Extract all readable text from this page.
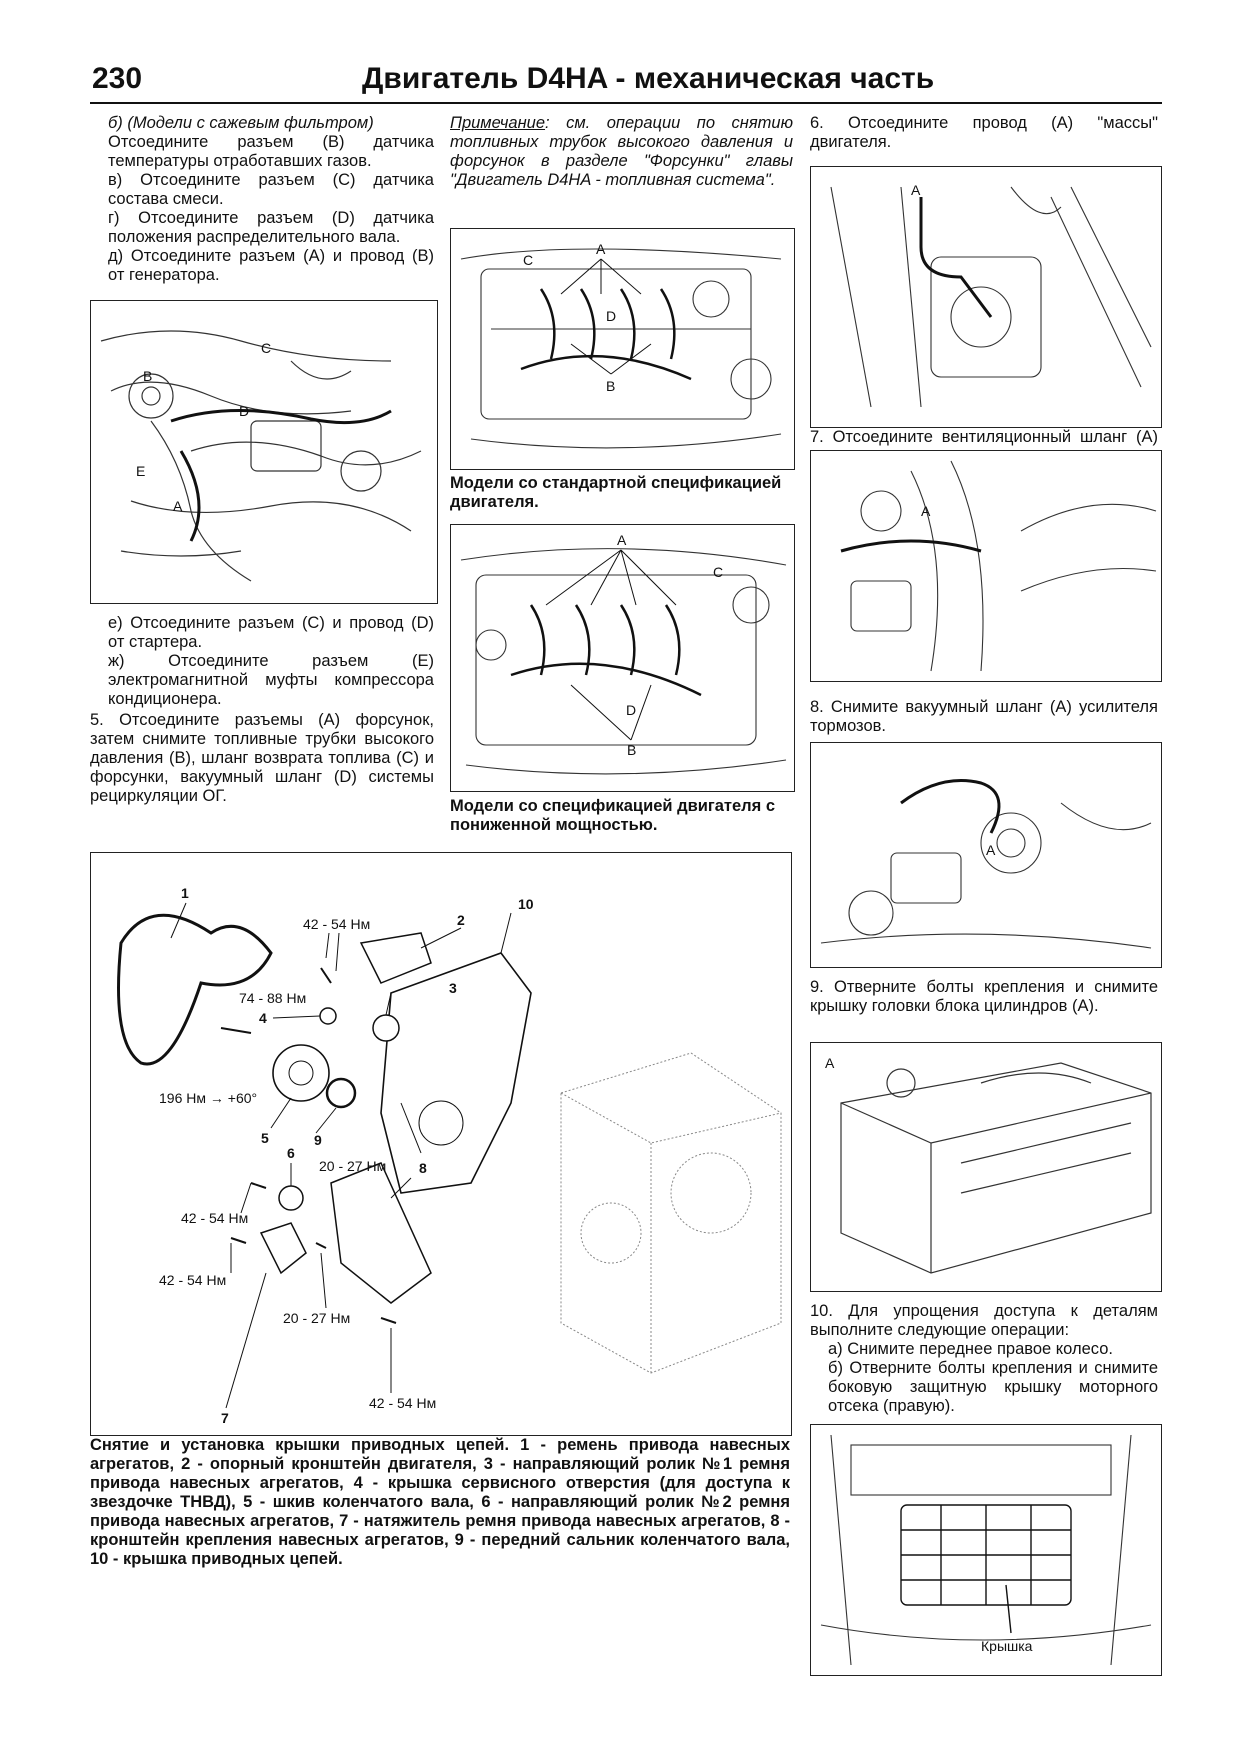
230	Двигатель D4HA - механическая часть

б) (Модели с сажевым фильтром)

Отсоедините разъем (B) датчика температуры отработавших газов.

в) Отсоедините разъем (C) датчика состава смеси.

г) Отсоедините разъем (D) датчика положения распределительного вала.

д) Отсоедините разъем (А) и провод (B) от генератора.

C
B
D
E
A

е) Отсоедините разъем (C) и провод (D) от стартера.

ж) Отсоедините разъем (E) электромагнитной муфты компрессора кондиционера.

5. Отсоедините разъемы (А) форсунок, затем снимите топливные трубки высокого давления (B), шланг возврата топлива (C) и форсунки, вакуумный шланг (D) системы рециркуляции ОГ.

Примечание: см. операции по снятию топливных трубок высокого давления и форсунок в разделе "Форсунки" главы "Двигатель D4HA - топливная система".
C
A
D
B
Модели со стандартной спецификацией двигателя.
A
C
D
B
Модели со спецификацией двигателя с пониженной мощностью.
6. Отсоедините провод (А) "массы" двигателя.
A
7. Отсоедините вентиляционный шланг (А)
A
8. Снимите вакуумный шланг (А) усилителя тормозов.
A
9. Отверните болты крепления и снимите крышку головки блока цилиндров (А).
A

10. Для упрощения доступа к деталям выполните следующие операции:

а) Снимите переднее правое колесо.

б) Отверните болты крепления и снимите боковую защитную крышку моторного отсека (правую).

Крышка
1
2
3
4
5
6
7
8
9
10
42 - 54 Нм
74 - 88 Нм
196 Нм → +60°
20 - 27 Нм
42 - 54 Нм
42 - 54 Нм
20 - 27 Нм
42 - 54 Нм
Снятие и установка крышки приводных цепей. 1 - ремень привода навесных агрегатов, 2 - опорный кронштейн двигателя, 3 - направляющий ролик №1 ремня привода навесных агрегатов, 4 - крышка сервисного отверстия (для доступа к звездочке ТНВД), 5 - шкив коленчатого вала, 6 - направляющий ролик №2 ремня привода навесных агрегатов, 7 - натяжитель ремня привода навесных агрегатов, 8 - кронштейн крепления навесных агрегатов, 9 - передний сальник коленчатого вала, 10 - крышка приводных цепей.
